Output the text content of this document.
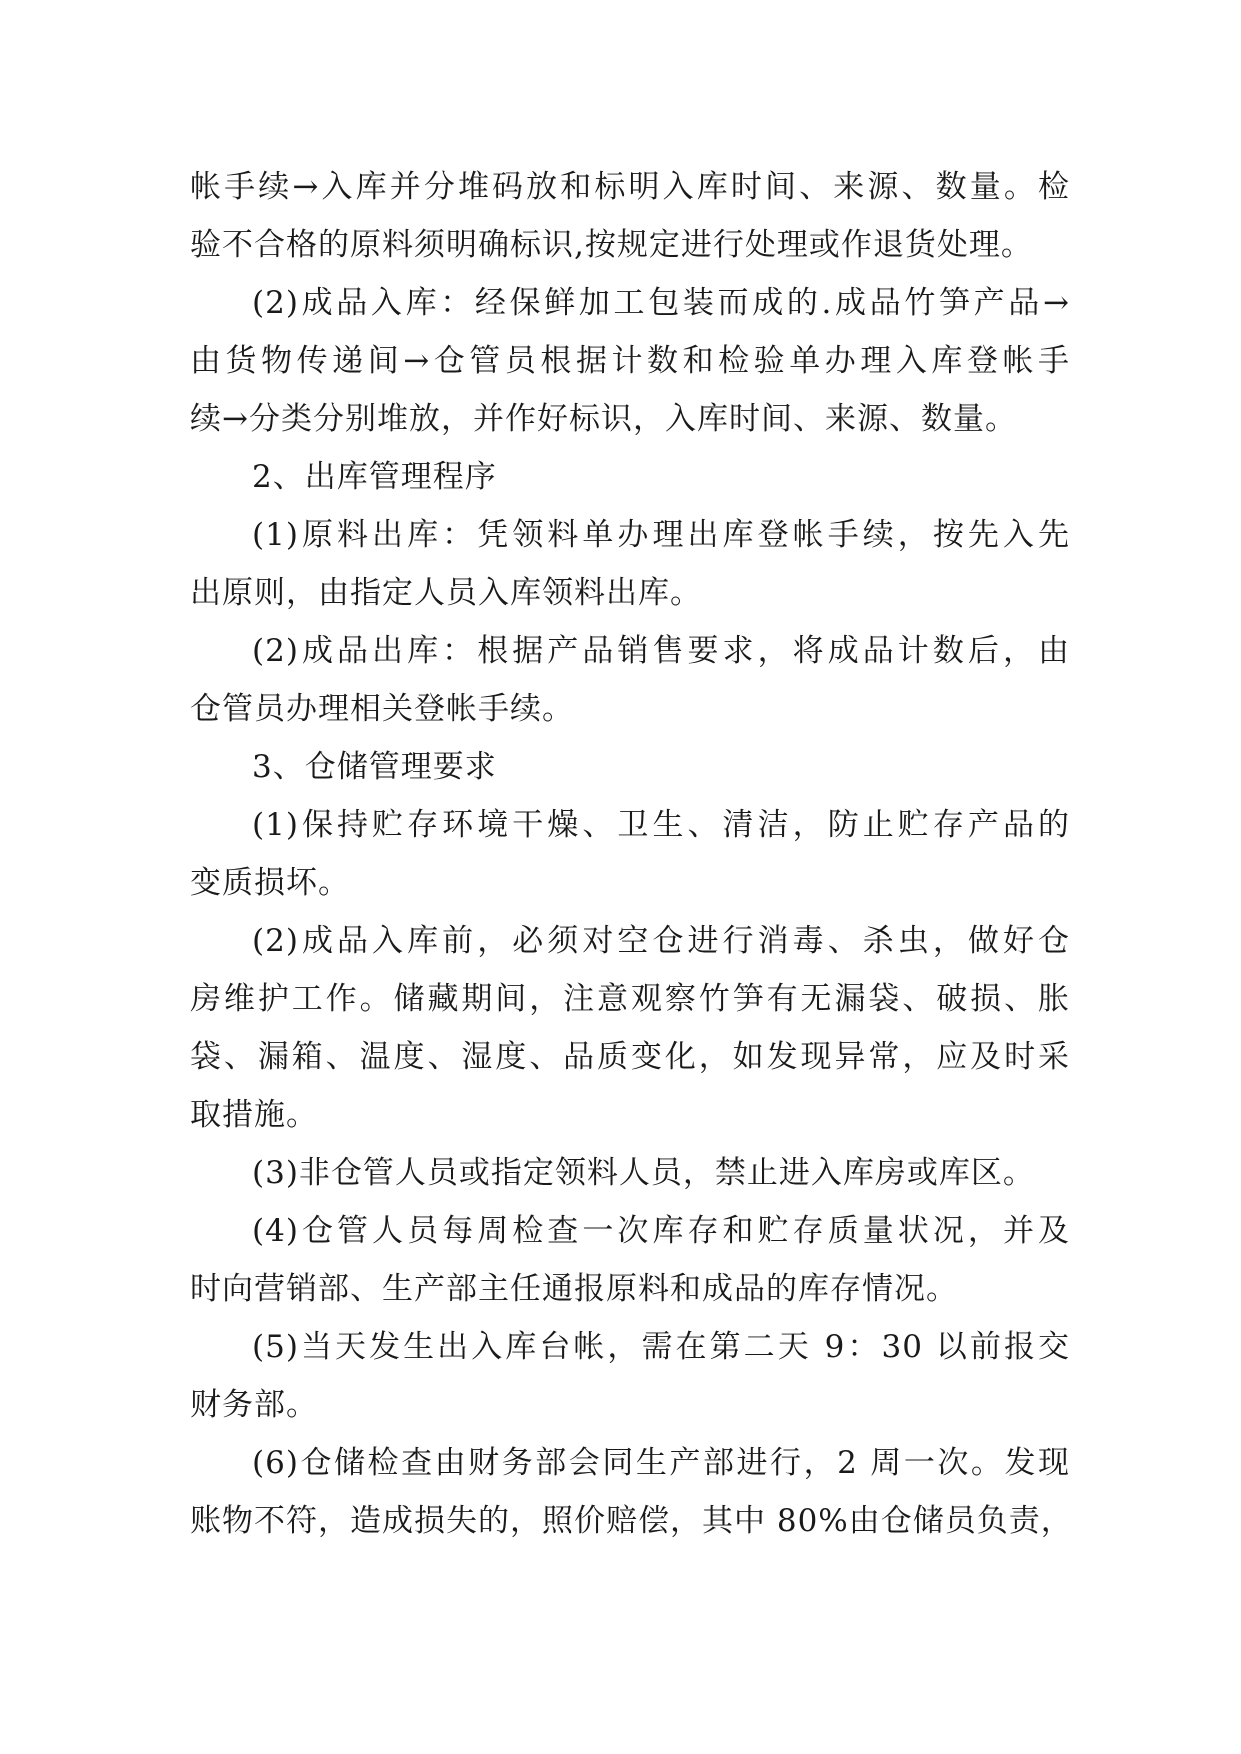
帐手续→入库并分堆码放和标明入库时间、来源、数量。检
验不合格的原料须明确标识,按规定进行处理或作退货处理。
(2)成品入库：经保鲜加工包装而成的.成品竹笋产品→
由货物传递间→仓管员根据计数和检验单办理入库登帐手
续→分类分别堆放，并作好标识，入库时间、来源、数量。
2、出库管理程序
(1)原料出库：凭领料单办理出库登帐手续，按先入先
出原则，由指定人员入库领料出库。
(2)成品出库：根据产品销售要求，将成品计数后，由
仓管员办理相关登帐手续。
3、仓储管理要求
(1)保持贮存环境干燥、卫生、清洁，防止贮存产品的
变质损坏。
(2)成品入库前，必须对空仓进行消毒、杀虫，做好仓
房维护工作。储藏期间，注意观察竹笋有无漏袋、破损、胀
袋、漏箱、温度、湿度、品质变化，如发现异常，应及时采
取措施。
(3)非仓管人员或指定领料人员，禁止进入库房或库区。
(4)仓管人员每周检查一次库存和贮存质量状况，并及
时向营销部、生产部主任通报原料和成品的库存情况。
(5)当天发生出入库台帐，需在第二天 9：30 以前报交
财务部。
(6)仓储检查由财务部会同生产部进行，2 周一次。发现
账物不符，造成损失的，照价赔偿，其中 80%由仓储员负责，
